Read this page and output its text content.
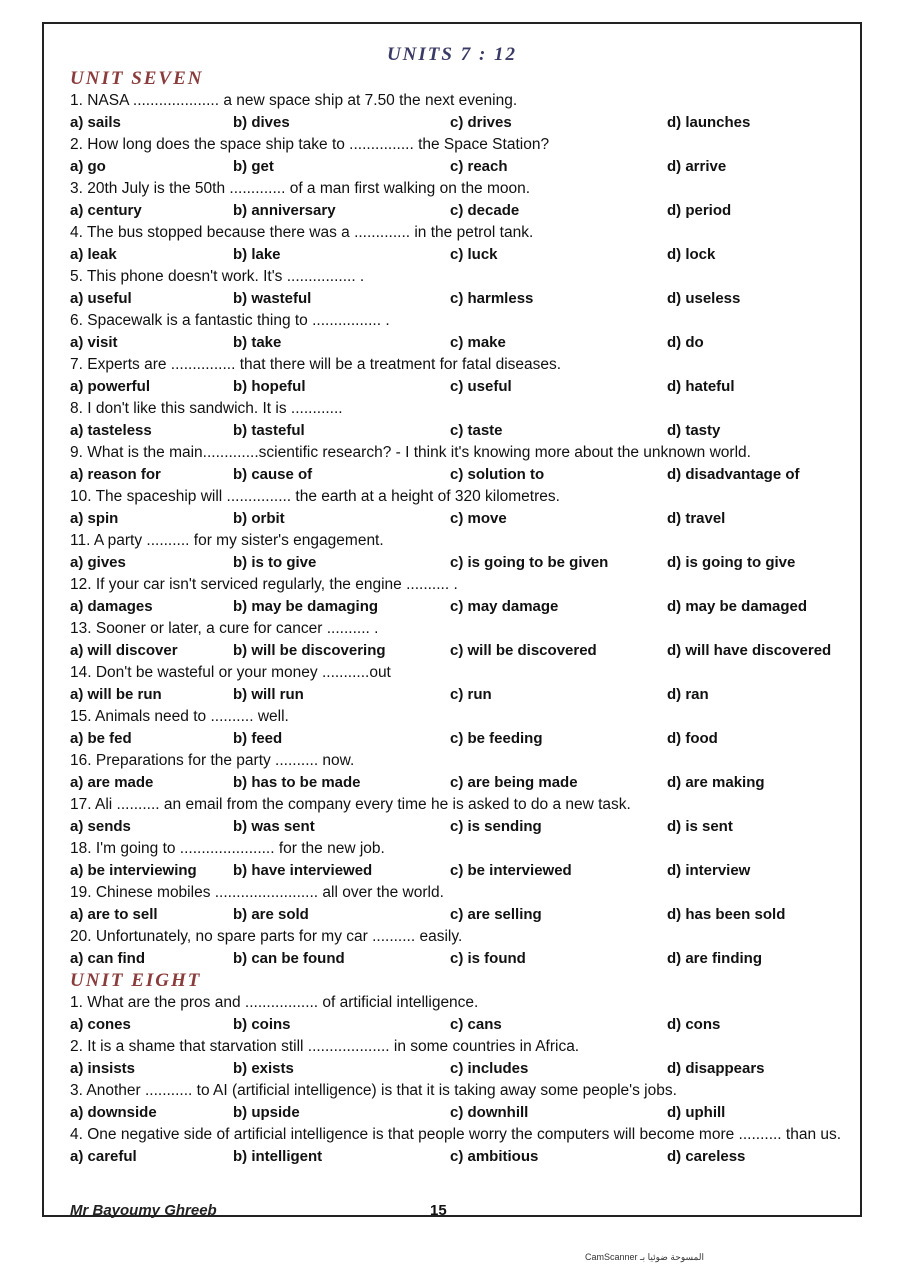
UNITS 7 : 12
UNIT SEVEN
1. NASA .................... a new space ship at 7.50 the next evening.
a) sails	b) dives	c) drives	d) launches
2. How long does the space ship take to ............... the Space Station?
a) go	b) get	c) reach	d) arrive
3. 20th July is the 50th ............. of a man first walking on the moon.
a) century	b) anniversary	c) decade	d) period
4. The bus stopped because there was a ............. in the petrol tank.
a) leak	b) lake	c) luck	d) lock
5. This phone doesn't work. It's ................ .
a) useful	b) wasteful	c) harmless	d) useless
6. Spacewalk is a fantastic thing to ................ .
a) visit	b) take	c) make	d) do
7. Experts are ............... that there will be a treatment for fatal diseases.
a) powerful	b) hopeful	c) useful	d) hateful
8. I don't like this sandwich. It is ............
a) tasteless	b) tasteful	c) taste	d) tasty
9. What is the main.............scientific research? - I think it's knowing more about the unknown world.
a) reason for	b) cause of	c) solution to	d) disadvantage of
10. The spaceship will ............... the earth at a height of 320 kilometres.
a) spin	b) orbit	c) move	d) travel
11. A party .......... for my sister's engagement.
a) gives	b) is to give	c) is going to be given	d) is going to give
12. If your car isn't serviced regularly, the engine .......... .
a) damages	b) may be damaging	c) may damage	d) may be damaged
13. Sooner or later, a cure for cancer .......... .
a) will discover	b) will be discovering	c) will be discovered	d) will have discovered
14. Don't be wasteful or your money ...........out
a) will be run	b) will run	c) run	d) ran
15. Animals need to .......... well.
a) be fed	b) feed	c) be feeding	d) food
16. Preparations for the party .......... now.
a) are made	b) has to be made	c) are being made	d) are making
17. Ali .......... an email from the company every time he is asked to do a new task.
a) sends	b) was sent	c) is sending	d) is sent
18. I'm going to ...................... for the new job.
a) be interviewing b) have interviewed	c) be interviewed	d) interview
19. Chinese mobiles ........................ all over the world.
a) are to sell	b) are sold	c) are selling	d) has been sold
20. Unfortunately, no spare parts for my car .......... easily.
a) can find	b) can be found	c) is found	d) are finding
UNIT EIGHT
1. What are the pros and ................. of artificial intelligence.
a) cones	b) coins	c) cans	d) cons
2. It is a shame that starvation still ................... in some countries in Africa.
a) insists	b) exists	c) includes	d) disappears
3. Another ........... to AI (artificial intelligence) is that it is taking away some people's jobs.
a) downside	b) upside	c) downhill	d) uphill
4. One negative side of artificial intelligence is that people worry the computers will become more .......... than us.
a) careful	b) intelligent	c) ambitious	d) careless
Mr Bayoumy Ghreeb	15
CamScanner المسوحة ضوئيا بـ
